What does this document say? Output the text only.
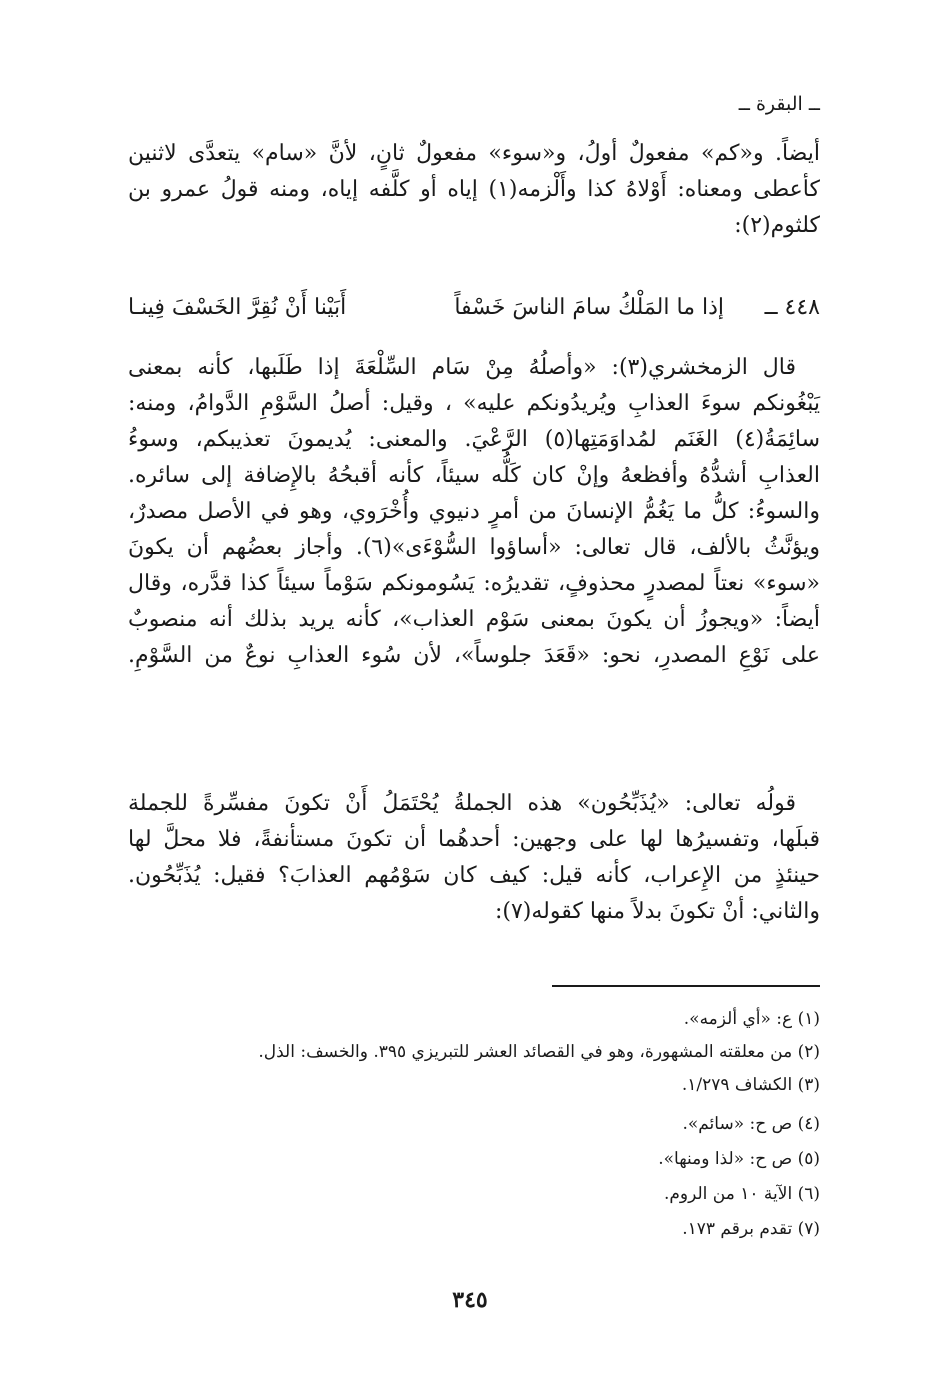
ــ البقرة ــ
أيضاً. و«كم» مفعولٌ أولُ، و«سوء» مفعولٌ ثانٍ، لأنَّ «سام» يتعدَّى لاثنين
كأعطى ومعناه: أَوْلاهُ كذا وأَلْزمه(١) إياه أو كلَّفه إياه، ومنه قولُ عمرو بن
كلثوم(٢):
٤٤٨ ــ
إذا ما المَلْكُ سامَ الناسَ خَسْفاً
أَبَيْنا أَنْ نُقِرَّ الخَسْفَ فِينـا
قال الزمخشري(٣): «وأصلُهُ مِنْ سَام السِّلْعَةَ إذا طَلَبها، كأنه بمعنى
يَبْغُونكم سوءَ العذابِ ويُريدُونكم عليه» ، وقيل: أصلُ السَّوْمِ الدَّوامُ، ومنه:
سائِمَةُ(٤) الغَنَم لمُداوَمَتِها(٥) الرَّعْيَ. والمعنى: يُديمونَ تعذيبكم، وسوءُ
العذابِ أشدُّهُ وأفظعهُ وإنْ كان كَلُّه سيئاً، كأنه أقبحُهُ بالإِضافة إلى سائره.
والسوءُ: كلُّ ما يَغُمُّ الإنسانَ من أمرٍ دنيوي وأُخْرَوي، وهو في الأصل مصدرٌ،
ويؤنَّثُ بالألف، قال تعالى: «أساؤوا السُّوْءَى»(٦). وأجاز بعضُهم أن يكونَ
«سوء» نعتاً لمصدرٍ محذوفٍ، تقديرُه: يَسُومونكم سَوْماً سيئاً كذا قدَّره، وقال
أيضاً: «ويجوزُ أن يكونَ بمعنى سَوْم العذاب»، كأنه يريد بذلك أنه منصوبٌ
على نَوْعِ المصدرِ، نحو: «قَعَدَ جلوساً»، لأن سُوء العذابِ نوعٌ من السَّوْمِ.
قولُه تعالى: «يُذَبِّحُون» هذه الجملةُ يُحْتَمَلُ أَنْ تكونَ مفسِّرةً للجملة
قبلَها، وتفسيرُها لها على وجهين: أحدهُما أن تكونَ مستأنفةً، فلا محلَّ لها
حينئذٍ من الإِعراب، كأنه قيل: كيف كان سَوْمُهم العذابَ؟ فقيل: يُذَبِّحُون.
والثاني: أنْ تكونَ بدلاً منها كقوله(٧):
(١) ع: «أي ألزمه».
(٢) من معلقته المشهورة، وهو في القصائد العشر للتبريزي ٣٩٥. والخسف: الذل.
(٣) الكشاف ١/٢٧٩.
(٤) ص ح: «سائم».
(٥) ص ح: «لذا ومنها».
(٦) الآية ١٠ من الروم.
(٧) تقدم برقم ١٧٣.
٣٤٥
